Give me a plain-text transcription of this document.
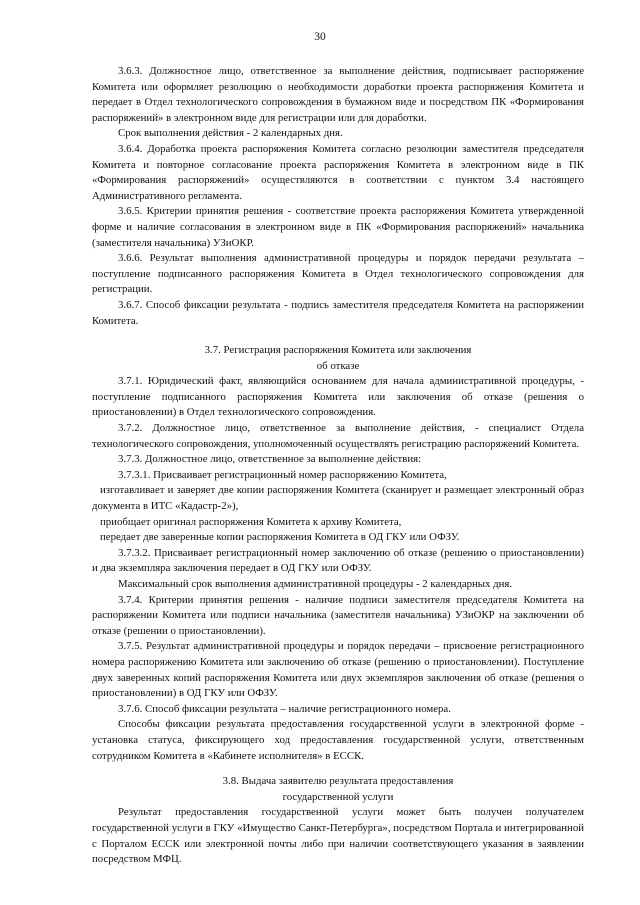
30

3.6.3. Должностное лицо, ответственное за выполнение действия, подписывает распоряжение Комитета или оформляет резолюцию о необходимости доработки проекта распоряжения Комитета и передает в Отдел технологического сопровождения в бумажном виде и посредством ПК «Формирования распоряжений» в электронном виде для регистрации или для доработки.

Срок выполнения действия - 2 календарных дня.

3.6.4. Доработка проекта распоряжения Комитета согласно резолюции заместителя председателя Комитета и повторное согласование проекта распоряжения Комитета в электронном виде в ПК «Формирования распоряжений» осуществляются в соответствии с пунктом 3.4 настоящего Административного регламента.

3.6.5. Критерии принятия решения - соответствие проекта распоряжения Комитета утвержденной форме и наличие согласования в электронном виде в ПК «Формирования распоряжений» начальника (заместителя начальника) УЗиОКР.

3.6.6. Результат выполнения административной процедуры и порядок передачи результата – поступление подписанного распоряжения Комитета в Отдел технологического сопровождения для регистрации.

3.6.7. Способ фиксации результата - подпись заместителя председателя Комитета на распоряжении Комитета.

3.7. Регистрация распоряжения Комитета или заключения

об отказе

3.7.1. Юридический факт, являющийся основанием для начала административной процедуры, - поступление подписанного распоряжения Комитета или заключения об отказе (решения о приостановлении) в Отдел технологического сопровождения.

3.7.2. Должностное лицо, ответственное за выполнение действия, - специалист Отдела технологического сопровождения, уполномоченный осуществлять регистрацию распоряжений Комитета.

3.7.3. Должностное лицо, ответственное за выполнение действия:

3.7.3.1. Присваивает регистрационный номер распоряжению Комитета,

изготавливает и заверяет две копии распоряжения Комитета (сканирует и размещает электронный образ документа в ИТС «Кадастр-2»),

приобщает оригинал распоряжения Комитета к архиву Комитета,

передает две заверенные копии распоряжения Комитета в ОД ГКУ или ОФЗУ.

3.7.3.2. Присваивает регистрационный номер заключению об отказе (решению о приостановлении) и два экземпляра заключения передает в ОД ГКУ или ОФЗУ.

Максимальный срок выполнения административной процедуры - 2 календарных дня.

3.7.4. Критерии принятия решения - наличие подписи заместителя председателя Комитета на распоряжении Комитета или подписи начальника (заместителя начальника) УЗиОКР на заключении об отказе (решении о приостановлении).

3.7.5. Результат административной процедуры и порядок передачи – присвоение регистрационного номера распоряжению Комитета или заключению об отказе (решению о приостановлении). Поступление двух заверенных копий распоряжения Комитета или двух экземпляров заключения об отказе (решения о приостановлении) в ОД ГКУ или ОФЗУ.

3.7.6. Способ фиксации результата – наличие регистрационного номера.

Способы фиксации результата предоставления государственной услуги в электронной форме - установка статуса, фиксирующего ход предоставления государственной услуги, ответственным сотрудником Комитета в «Кабинете исполнителя» в ЕССК.

3.8. Выдача заявителю результата предоставления

государственной услуги

Результат предоставления государственной услуги может быть получен получателем государственной услуги в ГКУ «Имущество Санкт-Петербурга», посредством Портала и интегрированной с Порталом ЕССК или электронной почты либо при наличии соответствующего указания в заявлении посредством МФЦ.
